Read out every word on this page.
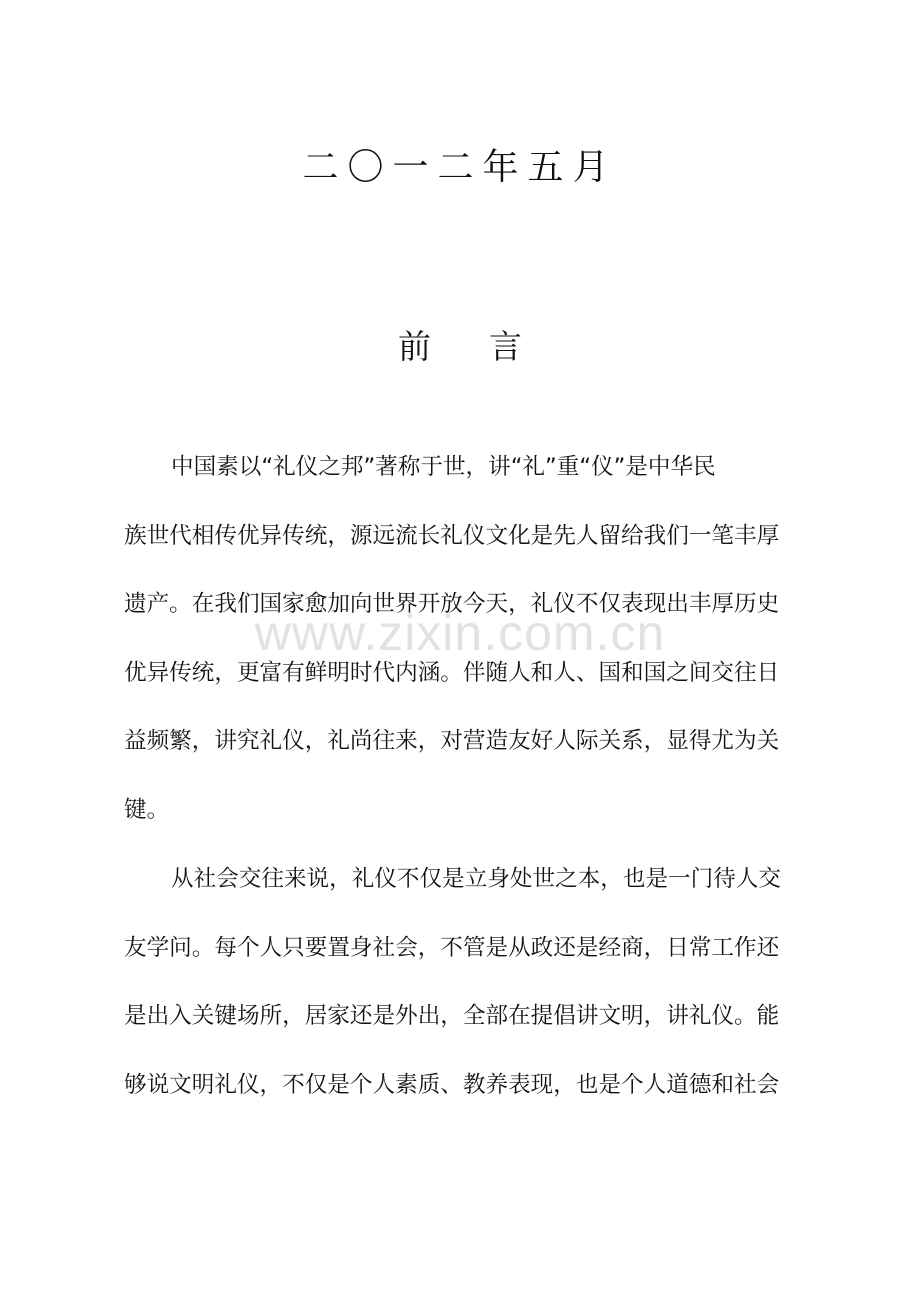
二〇一二年五月
前 言
www.zixin.com.cn
中国素以“礼仪之邦”著称于世，讲“礼”重“仪”是中华民
族世代相传优异传统，源远流长礼仪文化是先人留给我们一笔丰厚
遗产。在我们国家愈加向世界开放今天，礼仪不仅表现出丰厚历史
优异传统，更富有鲜明时代内涵。伴随人和人、国和国之间交往日
益频繁，讲究礼仪，礼尚往来，对营造友好人际关系，显得尤为关
键。
从社会交往来说，礼仪不仅是立身处世之本，也是一门待人交
友学问。每个人只要置身社会，不管是从政还是经商，日常工作还
是出入关键场所，居家还是外出，全部在提倡讲文明，讲礼仪。能
够说文明礼仪，不仅是个人素质、教养表现，也是个人道德和社会
